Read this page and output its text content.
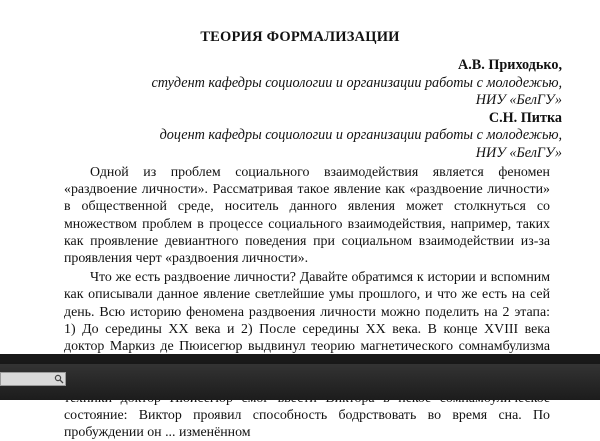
ТЕОРИЯ ФОРМАЛИЗАЦИИ
А.В. Приходько,
студент кафедры социологии и организации работы с молодежью,
НИУ «БелГУ»
С.Н. Питка
доцент кафедры социологии и организации работы с молодежью,
НИУ «БелГУ»

Одной из проблем социального взаимодействия является феномен «раздвоение личности». Рассматривая такое явление как «раздвоение личности» в общественной среде, носитель данного явления может столкнуться со множеством проблем в процессе социального взаимодействия, например, таких как проявление девиантного поведения при социальном взаимодействии из-за проявления черт «раздвоения личности».

Что же есть раздвоение личности? Давайте обратимся к истории и вспомним как описывали данное явление светлейшие умы прошлого, и что же есть на сей день. Всю историю феномена раздвоения личности можно поделить на 2 этапа: 1) До середины XX века и 2) После середины XX века. В конце XVIII века доктор Маркиз де Пюисегюр выдвинул теорию магнетического сомнамбулизма состояние: Виктор проявил способность бодрствовать во время сна. По пробуждении он ... изменённом
